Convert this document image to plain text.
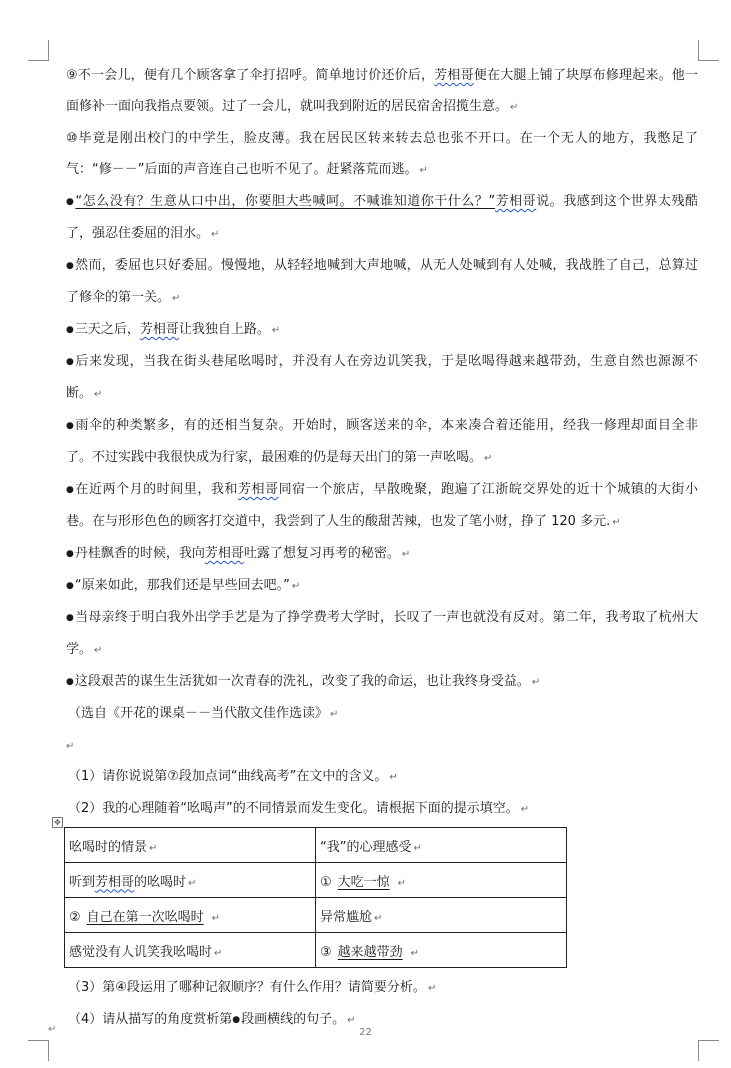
⑨不一会儿，便有几个顾客拿了伞打招呼。简单地讨价还价后，芳相哥便在大腿上铺了块厚布修理起来。他一面修补一面向我指点要领。过了一会儿，就叫我到附近的居民宿舍招揽生意。 ↵

⑩毕竟是刚出校门的中学生，脸皮薄。我在居民区转来转去总也张不开口。在一个无人的地方，我憋足了气：“修－－”后面的声音连自己也听不见了。赶紧落荒而逃。 ↵

●“怎么没有？生意从口中出，你要胆大些喊呵。不喊谁知道你干什么？”芳相哥说。我感到这个世界太残酷了，强忍住委屈的泪水。 ↵

●然而，委屈也只好委屈。慢慢地，从轻轻地喊到大声地喊，从无人处喊到有人处喊，我战胜了自己，总算过了修伞的第一关。 ↵

●三天之后，芳相哥让我独自上路。 ↵

●后来发现，当我在街头巷尾吆喝时，并没有人在旁边讥笑我，于是吆喝得越来越带劲，生意自然也源源不断。 ↵

●雨伞的种类繁多，有的还相当复杂。开始时，顾客送来的伞，本来凑合着还能用，经我一修理却面目全非了。不过实践中我很快成为行家，最困难的仍是每天出门的第一声吆喝。 ↵

●在近两个月的时间里，我和芳相哥同宿一个旅店，早散晚聚，跑遍了江浙皖交界处的近十个城镇的大街小巷。在与形形色色的顾客打交道中，我尝到了人生的酸甜苦辣，也发了笔小财，挣了 120 多元. ↵

●丹桂飘香的时候，我向芳相哥吐露了想复习再考的秘密。 ↵

●“原来如此，那我们还是早些回去吧。” ↵

●当母亲终于明白我外出学手艺是为了挣学费考大学时，长叹了一声也就没有反对。第二年，我考取了杭州大学。 ↵

●这段艰苦的谋生生活犹如一次青春的洗礼，改变了我的命运，也让我终身受益。 ↵

（选自《开花的课桌－－当代散文佳作选读》 ↵

↵

（1）请你说说第⑦段加点词“曲线高考”在文中的含义。 ↵

（2）我的心理随着“吆喝声”的不同情景而发生变化。请根据下面的提示填空。 ↵

✥
吆喝时的情景 ↵	“我”的心理感受 ↵
听到芳相哥的吆喝时 ↵	① 大吃一惊 ↵
② 自己在第一次吆喝时 ↵	异常尴尬 ↵
感觉没有人讥笑我吆喝时 ↵	③ 越来越带劲 ↵

（3）第④段运用了哪种记叙顺序？有什么作用？请简要分析。 ↵

（4）请从描写的角度赏析第●段画横线的句子。 ↵

↵	22
